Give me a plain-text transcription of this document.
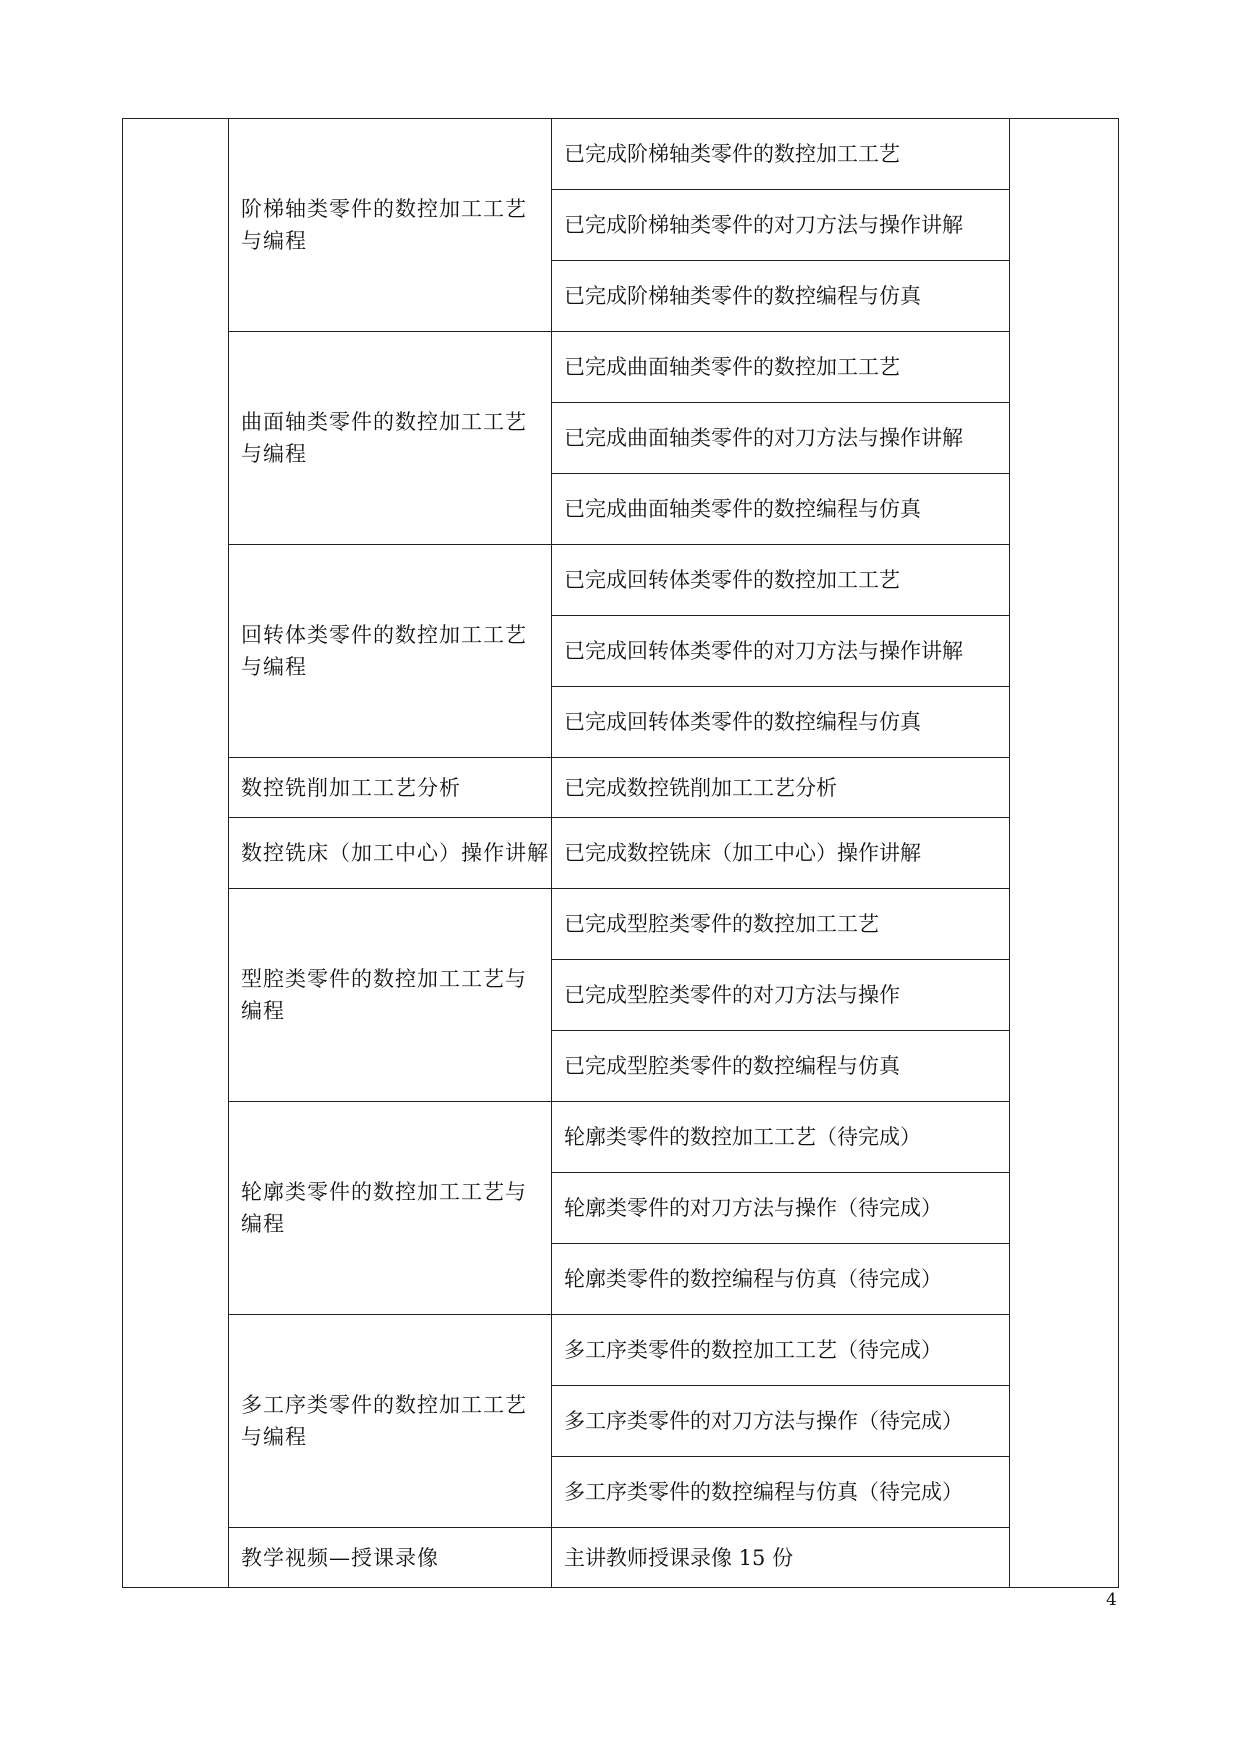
	阶梯轴类零件的数控加工工艺与编程	已完成阶梯轴类零件的数控加工工艺	
		已完成阶梯轴类零件的对刀方法与操作讲解	
		已完成阶梯轴类零件的数控编程与仿真	
	曲面轴类零件的数控加工工艺与编程	已完成曲面轴类零件的数控加工工艺	
		已完成曲面轴类零件的对刀方法与操作讲解	
		已完成曲面轴类零件的数控编程与仿真	
	回转体类零件的数控加工工艺与编程	已完成回转体类零件的数控加工工艺	
		已完成回转体类零件的对刀方法与操作讲解	
		已完成回转体类零件的数控编程与仿真	
	数控铣削加工工艺分析	已完成数控铣削加工工艺分析	
	数控铣床（加工中心）操作讲解	已完成数控铣床（加工中心）操作讲解	
	型腔类零件的数控加工工艺与编程	已完成型腔类零件的数控加工工艺	
		已完成型腔类零件的对刀方法与操作	
		已完成型腔类零件的数控编程与仿真	
	轮廓类零件的数控加工工艺与编程	轮廓类零件的数控加工工艺（待完成）	
		轮廓类零件的对刀方法与操作（待完成）	
		轮廓类零件的数控编程与仿真（待完成）	
	多工序类零件的数控加工工艺与编程	多工序类零件的数控加工工艺（待完成）	
		多工序类零件的对刀方法与操作（待完成）	
		多工序类零件的数控编程与仿真（待完成）	
	教学视频—授课录像	主讲教师授课录像 15 份	
4
